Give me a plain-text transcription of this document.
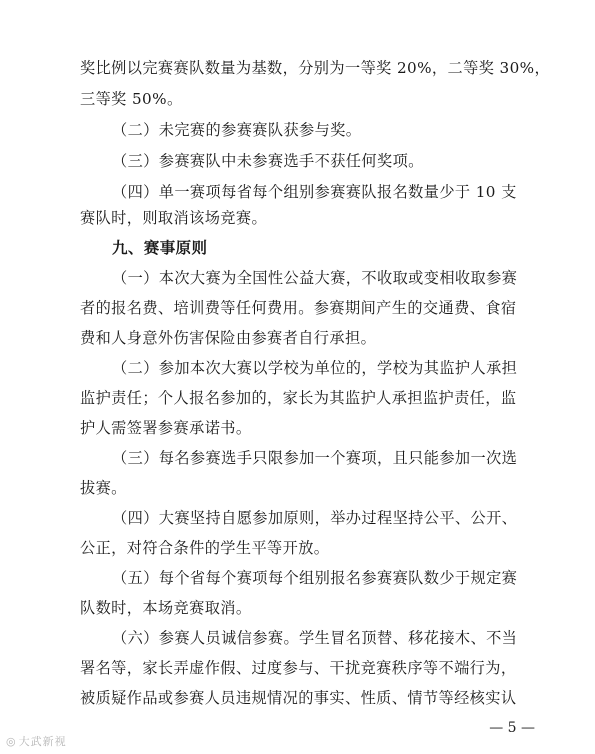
奖比例以完赛赛队数量为基数，分别为一等奖 20%，二等奖 30%，
三等奖 50%。
（二）未完赛的参赛赛队获参与奖。
（三）参赛赛队中未参赛选手不获任何奖项。
（四）单一赛项每省每个组别参赛赛队报名数量少于 10 支
赛队时，则取消该场竞赛。
九、赛事原则
（一）本次大赛为全国性公益大赛，不收取或变相收取参赛
者的报名费、培训费等任何费用。参赛期间产生的交通费、食宿
费和人身意外伤害保险由参赛者自行承担。
（二）参加本次大赛以学校为单位的，学校为其监护人承担
监护责任；个人报名参加的，家长为其监护人承担监护责任，监
护人需签署参赛承诺书。
（三）每名参赛选手只限参加一个赛项，且只能参加一次选
拔赛。
（四）大赛坚持自愿参加原则，举办过程坚持公平、公开、
公正，对符合条件的学生平等开放。
（五）每个省每个赛项每个组别报名参赛赛队数少于规定赛
队数时，本场竞赛取消。
（六）参赛人员诚信参赛。学生冒名顶替、移花接木、不当
署名等，家长弄虚作假、过度参与、干扰竞赛秩序等不端行为，
被质疑作品或参赛人员违规情况的事实、性质、情节等经核实认
— 5 —
◎ 大武新视
